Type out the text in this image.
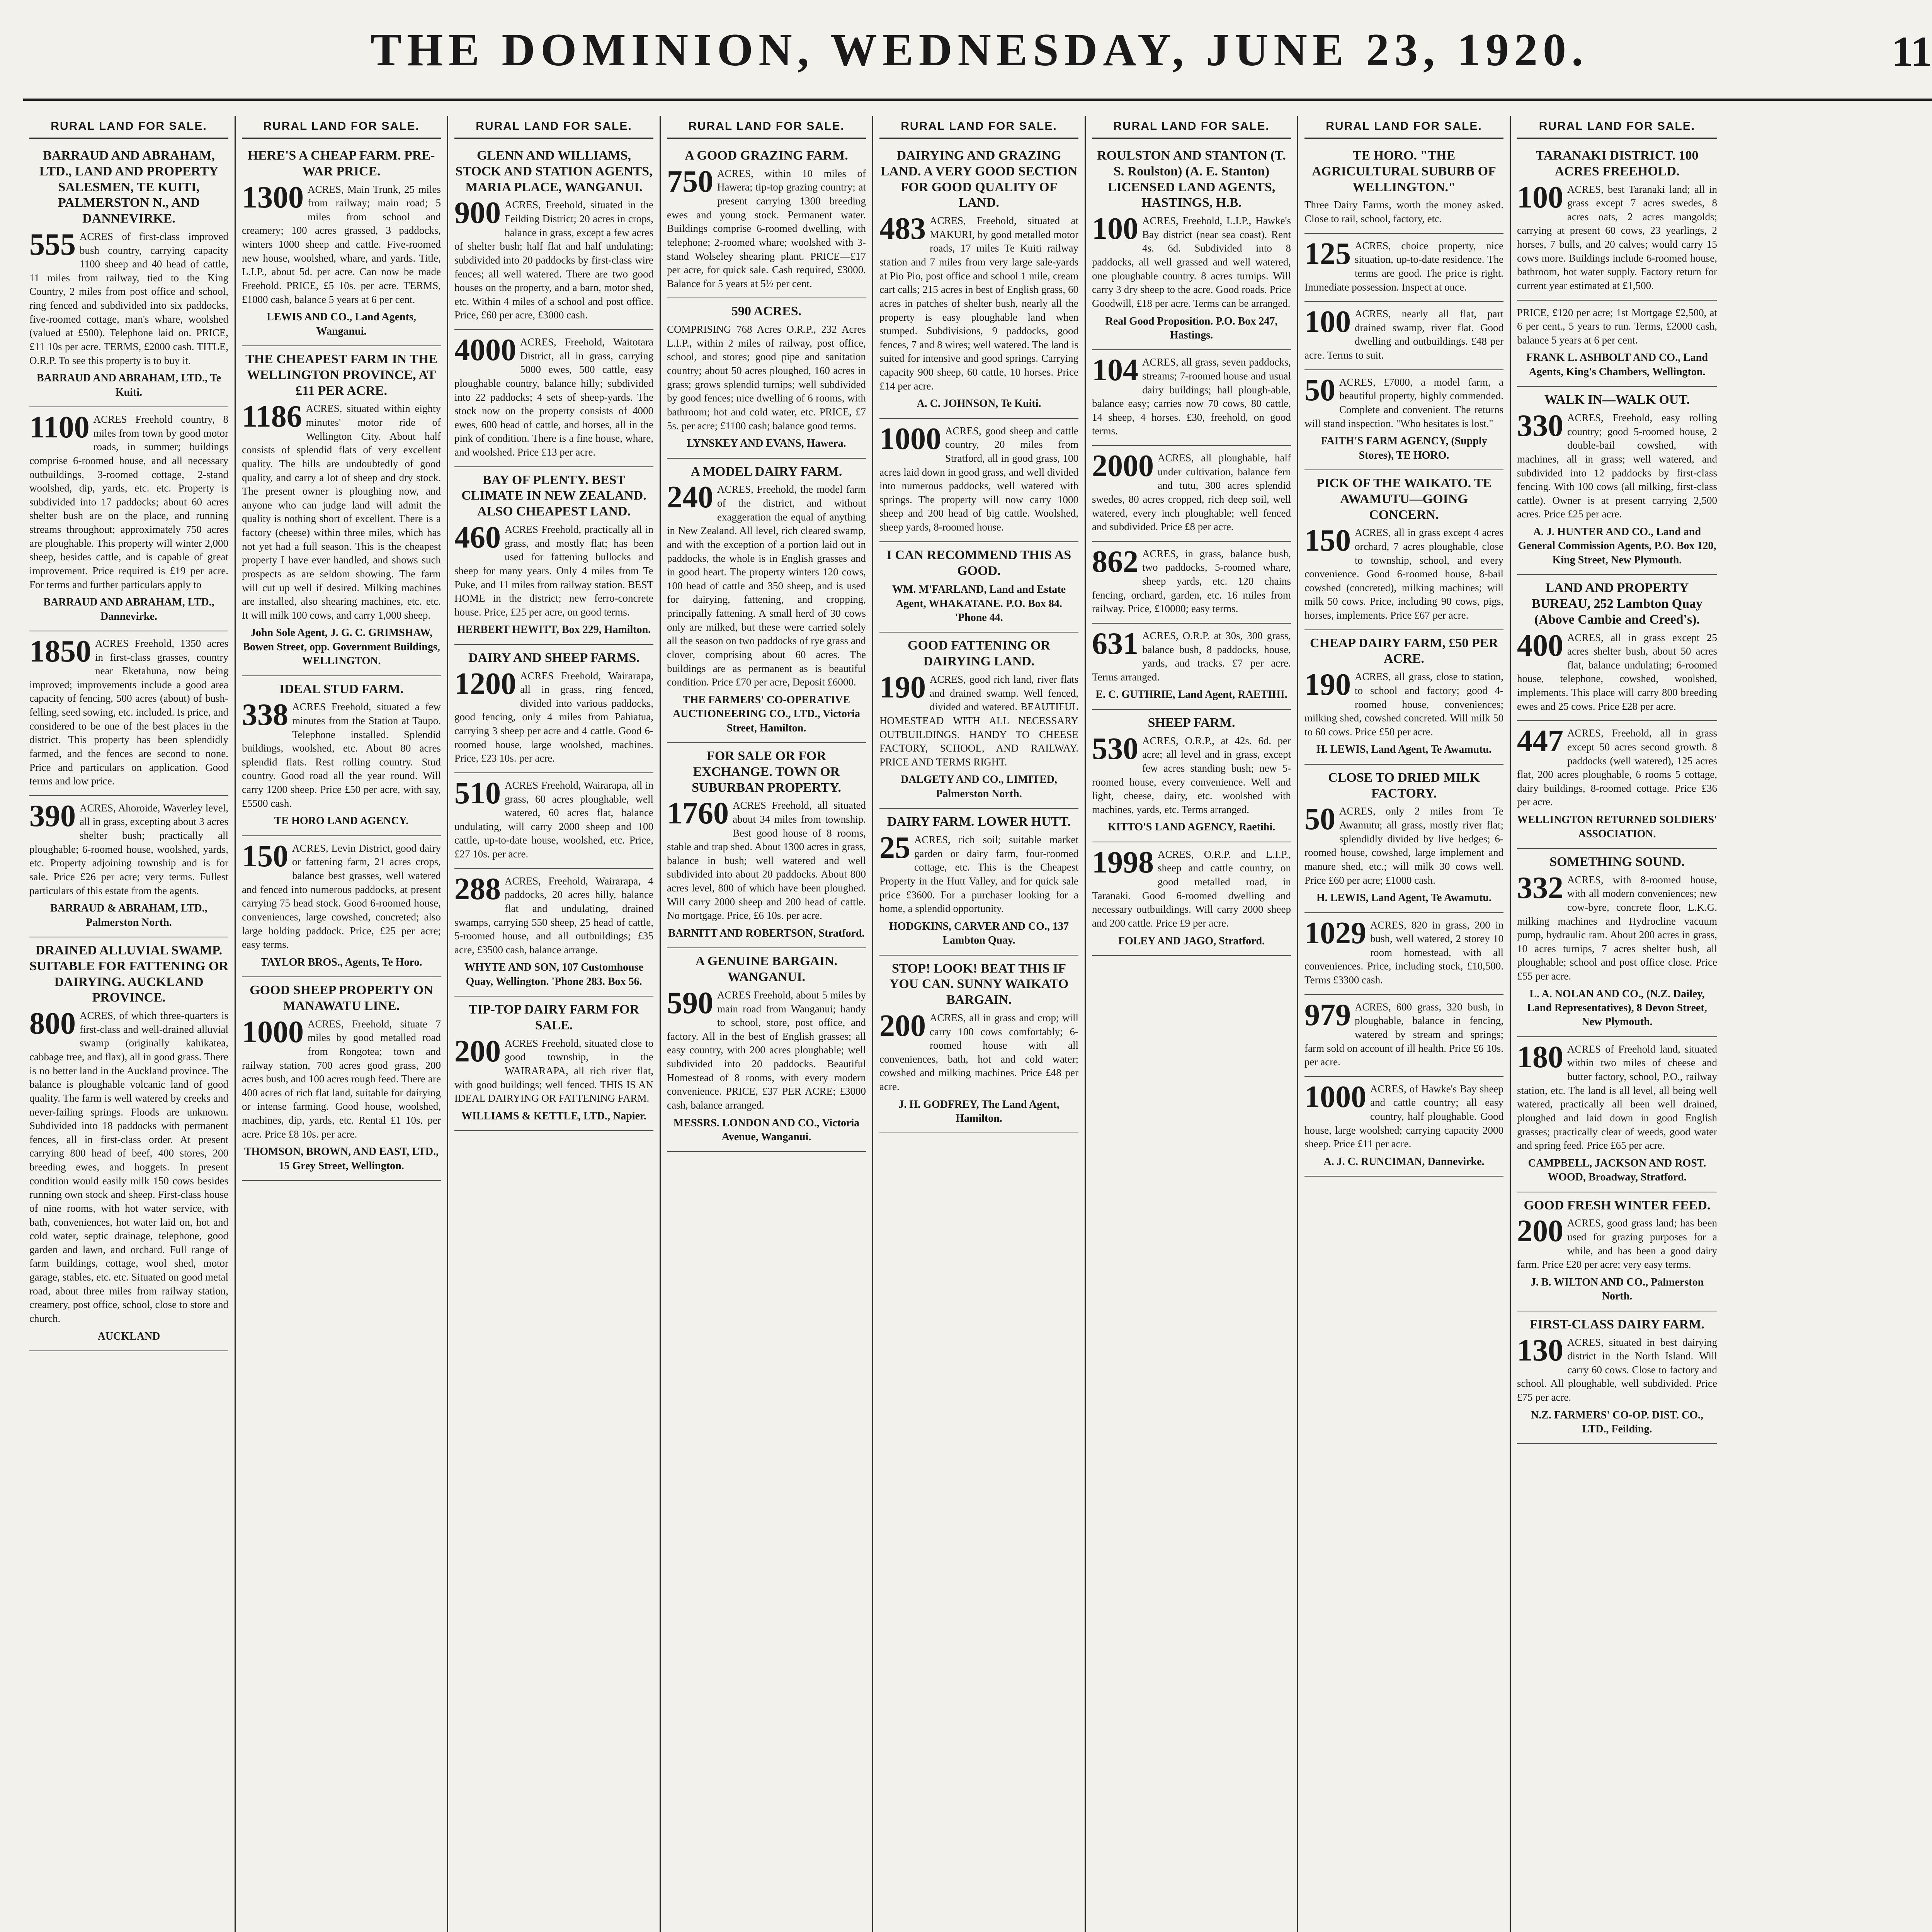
THE DOMINION, WEDNESDAY, JUNE 23, 1920.	11
RURAL LAND FOR SALE.
BARRAUD AND ABRAHAM, LTD., LAND AND PROPERTY SALESMEN, TE KUITI, PALMERSTON N., AND DANNEVIRKE.
555 ACRES of first-class improved bush country, carrying capacity 1100 sheep and 40 head of cattle, 11 miles from railway, tied to the King Country, 2 miles from post office and school, ring fenced and subdivided into six paddocks, five-roomed cottage, man's whare, woolshed (valued at £500). Telephone laid on. PRICE, £11 10s per acre. TERMS, £2000 cash. TITLE, O.R.P. To see this property is to buy it.
BARRAUD AND ABRAHAM, LTD., Te Kuiti.
1100 ACRES Freehold country, 8 miles from town by good motor roads, in summer; buildings comprise 6-roomed house, and all necessary outbuildings, 3-roomed cottage, 2-stand woolshed, dip, yards, etc. etc. Property is subdivided into 17 paddocks; about 60 acres shelter bush are on the place, and running streams throughout; approximately 750 acres are ploughable. This property will winter 2,000 sheep, besides cattle, and is capable of great improvement. Price required is £19 per acre. For terms and further particulars apply to
BARRAUD AND ABRAHAM, LTD., Dannevirke.
1850 ACRES Freehold, 1350 acres in first-class grasses, country near Eketahuna, now being improved; improvements include a good area capacity of fencing, 500 acres (about) of bush-felling, seed sowing, etc. included. Is price, and considered to be one of the best places in the district. This property has been splendidly farmed, and the fences are second to none. Price and particulars on application. Good terms and low price.
390 ACRES, Ahoroide, Waverley level, all in grass, excepting about 3 acres shelter bush; practically all ploughable; 6-roomed house, woolshed, yards, etc. Property adjoining township and is for sale. Price £26 per acre; very terms. Fullest particulars of this estate from the agents.
BARRAUD & ABRAHAM, LTD., Palmerston North.
DRAINED ALLUVIAL SWAMP. SUITABLE FOR FATTENING OR DAIRYING. AUCKLAND PROVINCE.
800 ACRES, of which three-quarters is first-class and well-drained alluvial swamp (originally kahikatea, cabbage tree, and flax), all in good grass. There is no better land in the Auckland province. The balance is ploughable volcanic land of good quality. The farm is well watered by creeks and never-failing springs. Floods are unknown. Subdivided into 18 paddocks with permanent fences, all in first-class order. At present carrying 800 head of beef, 400 stores, 200 breeding ewes, and hoggets. In present condition would easily milk 150 cows besides running own stock and sheep. First-class house of nine rooms, with hot water service, with bath, conveniences, hot water laid on, hot and cold water, septic drainage, telephone, good garden and lawn, and orchard. Full range of farm buildings, cottage, wool shed, motor garage, stables, etc. etc. Situated on good metal road, about three miles from railway station, creamery, post office, school, close to store and church.
AUCKLAND
RURAL LAND FOR SALE.
HERE'S A CHEAP FARM. PRE-WAR PRICE.
1300 ACRES, Main Trunk, 25 miles from railway; main road; 5 miles from school and creamery; 100 acres grassed, 3 paddocks, winters 1000 sheep and cattle. Five-roomed new house, woolshed, whare, and yards. Title, L.I.P., about 5d. per acre. Can now be made Freehold. PRICE, £5 10s. per acre. TERMS, £1000 cash, balance 5 years at 6 per cent.
LEWIS AND CO., Land Agents, Wanganui.
THE CHEAPEST FARM IN THE WELLINGTON PROVINCE, AT £11 PER ACRE.
1186 ACRES, situated within eighty minutes' motor ride of Wellington City. About half consists of splendid flats of very excellent quality. The hills are undoubtedly of good quality, and carry a lot of sheep and dry stock. The present owner is ploughing now, and anyone who can judge land will admit the quality is nothing short of excellent. There is a factory (cheese) within three miles, which has not yet had a full season. This is the cheapest property I have ever handled, and shows such prospects as are seldom showing. The farm will cut up well if desired. Milking machines are installed, also shearing machines, etc. etc. It will milk 100 cows, and carry 1,000 sheep.
John Sole Agent, J. G. C. GRIMSHAW, Bowen Street, opp. Government Buildings, WELLINGTON.
IDEAL STUD FARM.
338 ACRES Freehold, situated a few minutes from the Station at Taupo. Telephone installed. Splendid buildings, woolshed, etc. About 80 acres splendid flats. Rest rolling country. Stud country. Good road all the year round. Will carry 1200 sheep. Price £50 per acre, with say, £5500 cash.
TE HORO LAND AGENCY.
150 ACRES, Levin District, good dairy or fattening farm, 21 acres crops, balance best grasses, well watered and fenced into numerous paddocks, at present carrying 75 head stock. Good 6-roomed house, conveniences, large cowshed, concreted; also large holding paddock. Price, £25 per acre; easy terms.
TAYLOR BROS., Agents, Te Horo.
GOOD SHEEP PROPERTY ON MANAWATU LINE.
1000 ACRES, Freehold, situate 7 miles by good metalled road from Rongotea; town and railway station, 700 acres good grass, 200 acres bush, and 100 acres rough feed. There are 400 acres of rich flat land, suitable for dairying or intense farming. Good house, woolshed, machines, dip, yards, etc. Rental £1 10s. per acre. Price £8 10s. per acre.
THOMSON, BROWN, AND EAST, LTD., 15 Grey Street, Wellington.
RURAL LAND FOR SALE.
GLENN AND WILLIAMS, STOCK AND STATION AGENTS, MARIA PLACE, WANGANUI.
900 ACRES, Freehold, situated in the Feilding District; 20 acres in crops, balance in grass, except a few acres of shelter bush; half flat and half undulating; subdivided into 20 paddocks by first-class wire fences; all well watered. There are two good houses on the property, and a barn, motor shed, etc. Within 4 miles of a school and post office. Price, £60 per acre, £3000 cash.
4000 ACRES, Freehold, Waitotara District, all in grass, carrying 5000 ewes, 500 cattle, easy ploughable country, balance hilly; subdivided into 22 paddocks; 4 sets of sheep-yards. The stock now on the property consists of 4000 ewes, 600 head of cattle, and horses, all in the pink of condition. There is a fine house, whare, and woolshed. Price £13 per acre.
BAY OF PLENTY. BEST CLIMATE IN NEW ZEALAND. ALSO CHEAPEST LAND.
460 ACRES Freehold, practically all in grass, and mostly flat; has been used for fattening bullocks and sheep for many years. Only 4 miles from Te Puke, and 11 miles from railway station. BEST HOME in the district; new ferro-concrete house. Price, £25 per acre, on good terms.
HERBERT HEWITT, Box 229, Hamilton.
DAIRY AND SHEEP FARMS.
1200 ACRES Freehold, Wairarapa, all in grass, ring fenced, divided into various paddocks, good fencing, only 4 miles from Pahiatua, carrying 3 sheep per acre and 4 cattle. Good 6-roomed house, large woolshed, machines. Price, £23 10s. per acre.
510 ACRES Freehold, Wairarapa, all in grass, 60 acres ploughable, well watered, 60 acres flat, balance undulating, will carry 2000 sheep and 100 cattle, up-to-date house, woolshed, etc. Price, £27 10s. per acre.
288 ACRES, Freehold, Wairarapa, 4 paddocks, 20 acres hilly, balance flat and undulating, drained swamps, carrying 550 sheep, 25 head of cattle, 5-roomed house, and all outbuildings; £35 acre, £3500 cash, balance arrange.
WHYTE AND SON, 107 Customhouse Quay, Wellington. 'Phone 283. Box 56.
TIP-TOP DAIRY FARM FOR SALE.
200 ACRES Freehold, situated close to good township, in the WAIRARAPA, all rich river flat, with good buildings; well fenced. THIS IS AN IDEAL DAIRYING OR FATTENING FARM.
WILLIAMS & KETTLE, LTD., Napier.
RURAL LAND FOR SALE.
A GOOD GRAZING FARM.
750 ACRES, within 10 miles of Hawera; tip-top grazing country; at present carrying 1300 breeding ewes and young stock. Permanent water. Buildings comprise 6-roomed dwelling, with telephone; 2-roomed whare; woolshed with 3-stand Wolseley shearing plant. PRICE—£17 per acre, for quick sale. Cash required, £3000. Balance for 5 years at 5½ per cent.
590 ACRES.
COMPRISING 768 Acres O.R.P., 232 Acres L.I.P., within 2 miles of railway, post office, school, and stores; good pipe and sanitation country; about 50 acres ploughed, 160 acres in grass; grows splendid turnips; well subdivided by good fences; nice dwelling of 6 rooms, with bathroom; hot and cold water, etc. PRICE, £7 5s. per acre; £1100 cash; balance good terms.
LYNSKEY AND EVANS, Hawera.
A MODEL DAIRY FARM.
240 ACRES, Freehold, the model farm of the district, and without exaggeration the equal of anything in New Zealand. All level, rich cleared swamp, and with the exception of a portion laid out in paddocks, the whole is in English grasses and in good heart. The property winters 120 cows, 100 head of cattle and 350 sheep, and is used for dairying, fattening, and cropping, principally fattening. A small herd of 30 cows only are milked, but these were carried solely all the season on two paddocks of rye grass and clover, comprising about 60 acres. The buildings are as permanent as is beautiful condition. Price £70 per acre, Deposit £6000.
THE FARMERS' CO-OPERATIVE AUCTIONEERING CO., LTD., Victoria Street, Hamilton.
FOR SALE OR FOR EXCHANGE. TOWN OR SUBURBAN PROPERTY.
1760 ACRES Freehold, all situated about 34 miles from township. Best good house of 8 rooms, stable and trap shed. About 1300 acres in grass, balance in bush; well watered and well subdivided into about 20 paddocks. About 800 acres level, 800 of which have been ploughed. Will carry 2000 sheep and 200 head of cattle. No mortgage. Price, £6 10s. per acre.
BARNITT AND ROBERTSON, Stratford.
A GENUINE BARGAIN. WANGANUI.
590 ACRES Freehold, about 5 miles by main road from Wanganui; handy to school, store, post office, and factory. All in the best of English grasses; all easy country, with 200 acres ploughable; well subdivided into 20 paddocks. Beautiful Homestead of 8 rooms, with every modern convenience. PRICE, £37 PER ACRE; £3000 cash, balance arranged.
MESSRS. LONDON AND CO., Victoria Avenue, Wanganui.
RURAL LAND FOR SALE.
DAIRYING AND GRAZING LAND. A VERY GOOD SECTION FOR GOOD QUALITY OF LAND.
483 ACRES, Freehold, situated at MAKURI, by good metalled motor roads, 17 miles Te Kuiti railway station and 7 miles from very large sale-yards at Pio Pio, post office and school 1 mile, cream cart calls; 215 acres in best of English grass, 60 acres in patches of shelter bush, nearly all the property is easy ploughable land when stumped. Subdivisions, 9 paddocks, good fences, 7 and 8 wires; well watered. The land is suited for intensive and good springs. Carrying capacity 900 sheep, 60 cattle, 10 horses. Price £14 per acre.
A. C. JOHNSON, Te Kuiti.
1000 ACRES, good sheep and cattle country, 20 miles from Stratford, all in good grass, 100 acres laid down in good grass, and well divided into numerous paddocks, well watered with springs. The property will now carry 1000 sheep and 200 head of big cattle. Woolshed, sheep yards, 8-roomed house.
I CAN RECOMMEND THIS AS GOOD.
WM. M'FARLAND, Land and Estate Agent, WHAKATANE. P.O. Box 84. 'Phone 44.
GOOD FATTENING OR DAIRYING LAND.
190 ACRES, good rich land, river flats and drained swamp. Well fenced, divided and watered. BEAUTIFUL HOMESTEAD WITH ALL NECESSARY OUTBUILDINGS. HANDY TO CHEESE FACTORY, SCHOOL, AND RAILWAY. PRICE AND TERMS RIGHT.
DALGETY AND CO., LIMITED, Palmerston North.
DAIRY FARM. LOWER HUTT.
25 ACRES, rich soil; suitable market garden or dairy farm, four-roomed cottage, etc. This is the Cheapest Property in the Hutt Valley, and for quick sale price £3600. For a purchaser looking for a home, a splendid opportunity.
HODGKINS, CARVER AND CO., 137 Lambton Quay.
STOP! LOOK! BEAT THIS IF YOU CAN. SUNNY WAIKATO BARGAIN.
200 ACRES, all in grass and crop; will carry 100 cows comfortably; 6-roomed house with all conveniences, bath, hot and cold water; cowshed and milking machines. Price £48 per acre.
J. H. GODFREY, The Land Agent, Hamilton.
RURAL LAND FOR SALE.
ROULSTON AND STANTON (T. S. Roulston) (A. E. Stanton) LICENSED LAND AGENTS, HASTINGS, H.B.
100 ACRES, Freehold, L.I.P., Hawke's Bay district (near sea coast). Rent 4s. 6d. Subdivided into 8 paddocks, all well grassed and well watered, one ploughable country. 8 acres turnips. Will carry 3 dry sheep to the acre. Good roads. Price Goodwill, £18 per acre. Terms can be arranged.
Real Good Proposition. P.O. Box 247, Hastings.
104 ACRES, all grass, seven paddocks, streams; 7-roomed house and usual dairy buildings; hall plough-able, balance easy; carries now 70 cows, 80 cattle, 14 sheep, 4 horses. £30, freehold, on good terms.
2000 ACRES, all ploughable, half under cultivation, balance fern and tutu, 300 acres splendid swedes, 80 acres cropped, rich deep soil, well watered, every inch ploughable; well fenced and subdivided. Price £8 per acre.
862 ACRES, in grass, balance bush, two paddocks, 5-roomed whare, sheep yards, etc. 120 chains fencing, orchard, garden, etc. 16 miles from railway. Price, £10000; easy terms.
631 ACRES, O.R.P. at 30s, 300 grass, balance bush, 8 paddocks, house, yards, and tracks. £7 per acre. Terms arranged.
E. C. GUTHRIE, Land Agent, RAETIHI.
SHEEP FARM.
530 ACRES, O.R.P., at 42s. 6d. per acre; all level and in grass, except few acres standing bush; new 5-roomed house, every convenience. Well and light, cheese, dairy, etc. woolshed with machines, yards, etc. Terms arranged.
KITTO'S LAND AGENCY, Raetihi.
1998 ACRES, O.R.P. and L.I.P., sheep and cattle country, on good metalled road, in Taranaki. Good 6-roomed dwelling and necessary outbuildings. Will carry 2000 sheep and 200 cattle. Price £9 per acre.
FOLEY AND JAGO, Stratford.
RURAL LAND FOR SALE.
TE HORO. "THE AGRICULTURAL SUBURB OF WELLINGTON."
Three Dairy Farms, worth the money asked. Close to rail, school, factory, etc.
125 ACRES, choice property, nice situation, up-to-date residence. The terms are good. The price is right. Immediate possession. Inspect at once.
100 ACRES, nearly all flat, part drained swamp, river flat. Good dwelling and outbuildings. £48 per acre. Terms to suit.
50 ACRES, £7000, a model farm, a beautiful property, highly commended. Complete and convenient. The returns will stand inspection. "Who hesitates is lost."
FAITH'S FARM AGENCY, (Supply Stores), TE HORO.
PICK OF THE WAIKATO. TE AWAMUTU—GOING CONCERN.
150 ACRES, all in grass except 4 acres orchard, 7 acres ploughable, close to township, school, and every convenience. Good 6-roomed house, 8-bail cowshed (concreted), milking machines; will milk 50 cows. Price, including 90 cows, pigs, horses, implements. Price £67 per acre.
CHEAP DAIRY FARM, £50 PER ACRE.
190 ACRES, all grass, close to station, to school and factory; good 4-roomed house, conveniences; milking shed, cowshed concreted. Will milk 50 to 60 cows. Price £50 per acre.
H. LEWIS, Land Agent, Te Awamutu.
CLOSE TO DRIED MILK FACTORY.
50 ACRES, only 2 miles from Te Awamutu; all grass, mostly river flat; splendidly divided by live hedges; 6-roomed house, cowshed, large implement and manure shed, etc.; will milk 30 cows well. Price £60 per acre; £1000 cash.
H. LEWIS, Land Agent, Te Awamutu.
1029 ACRES, 820 in grass, 200 in bush, well watered, 2 storey 10 room homestead, with all conveniences. Price, including stock, £10,500. Terms £3300 cash.
979 ACRES, 600 grass, 320 bush, in ploughable, balance in fencing, watered by stream and springs; farm sold on account of ill health. Price £6 10s. per acre.
1000 ACRES, of Hawke's Bay sheep and cattle country; all easy country, half ploughable. Good house, large woolshed; carrying capacity 2000 sheep. Price £11 per acre.
A. J. C. RUNCIMAN, Dannevirke.
RURAL LAND FOR SALE.
TARANAKI DISTRICT. 100 ACRES FREEHOLD.
100 ACRES, best Taranaki land; all in grass except 7 acres swedes, 8 acres oats, 2 acres mangolds; carrying at present 60 cows, 23 yearlings, 2 horses, 7 bulls, and 20 calves; would carry 15 cows more. Buildings include 6-roomed house, bathroom, hot water supply. Factory return for current year estimated at £1,500.
PRICE, £120 per acre; 1st Mortgage £2,500, at 6 per cent., 5 years to run. Terms, £2000 cash, balance 5 years at 6 per cent.
FRANK L. ASHBOLT AND CO., Land Agents, King's Chambers, Wellington.
WALK IN—WALK OUT.
330 ACRES, Freehold, easy rolling country; good 5-roomed house, 2 double-bail cowshed, with machines, all in grass; well watered, and subdivided into 12 paddocks by first-class fencing. With 100 cows (all milking, first-class cattle). Owner is at present carrying 2,500 acres. Price £25 per acre.
A. J. HUNTER AND CO., Land and General Commission Agents, P.O. Box 120, King Street, New Plymouth.
LAND AND PROPERTY BUREAU, 252 Lambton Quay (Above Cambie and Creed's).
400 ACRES, all in grass except 25 acres shelter bush, about 50 acres flat, balance undulating; 6-roomed house, telephone, cowshed, woolshed, implements. This place will carry 800 breeding ewes and 25 cows. Price £28 per acre.
447 ACRES, Freehold, all in grass except 50 acres second growth. 8 paddocks (well watered), 125 acres flat, 200 acres ploughable, 6 rooms 5 cottage, dairy buildings, 8-roomed cottage. Price £36 per acre.
WELLINGTON RETURNED SOLDIERS' ASSOCIATION.
SOMETHING SOUND.
332 ACRES, with 8-roomed house, with all modern conveniences; new cow-byre, concrete floor, L.K.G. milking machines and Hydrocline vacuum pump, hydraulic ram. About 200 acres in grass, 10 acres turnips, 7 acres shelter bush, all ploughable; school and post office close. Price £55 per acre.
L. A. NOLAN AND CO., (N.Z. Dailey, Land Representatives), 8 Devon Street, New Plymouth.
180 ACRES of Freehold land, situated within two miles of cheese and butter factory, school, P.O., railway station, etc. The land is all level, all being well watered, practically all been well drained, ploughed and laid down in good English grasses; practically clear of weeds, good water and spring feed. Price £65 per acre.
CAMPBELL, JACKSON AND ROST. WOOD, Broadway, Stratford.
GOOD FRESH WINTER FEED.
200 ACRES, good grass land; has been used for grazing purposes for a while, and has been a good dairy farm. Price £20 per acre; very easy terms.
J. B. WILTON AND CO., Palmerston North.
FIRST-CLASS DAIRY FARM.
130 ACRES, situated in best dairying district in the North Island. Will carry 60 cows. Close to factory and school. All ploughable, well subdivided. Price £75 per acre.
N.Z. FARMERS' CO-OP. DIST. CO., LTD., Feilding.
